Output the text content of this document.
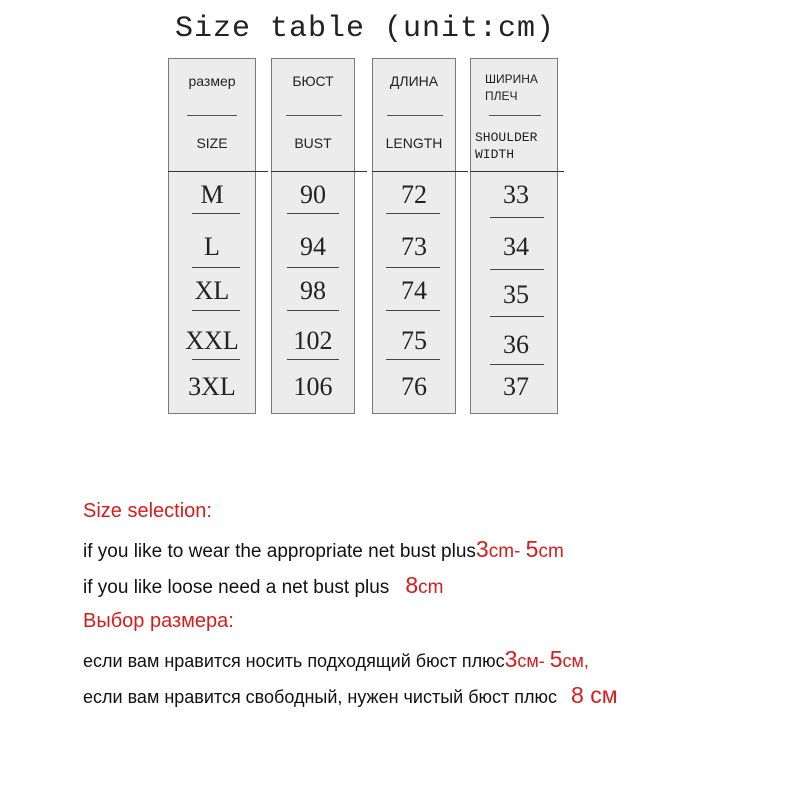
Size table (unit:cm)
размер
SIZE
БЮСТ
BUST
ДЛИНА
LENGTH
ШИРИНА ПЛЕЧ
SHOULDER WIDTH
M
L
XL
XXL
3XL
90
94
98
102
106
72
73
74
75
76
33
34
35
36
37
Size selection:
if you like to wear the appropriate net bust plus3cm- 5cm
if you like loose need a net bust plus 8cm
Выбор размера:
если вам нравится носить подходящий бюст плюс3см- 5см,
если вам нравится свободный, нужен чистый бюст плюс 8 см
